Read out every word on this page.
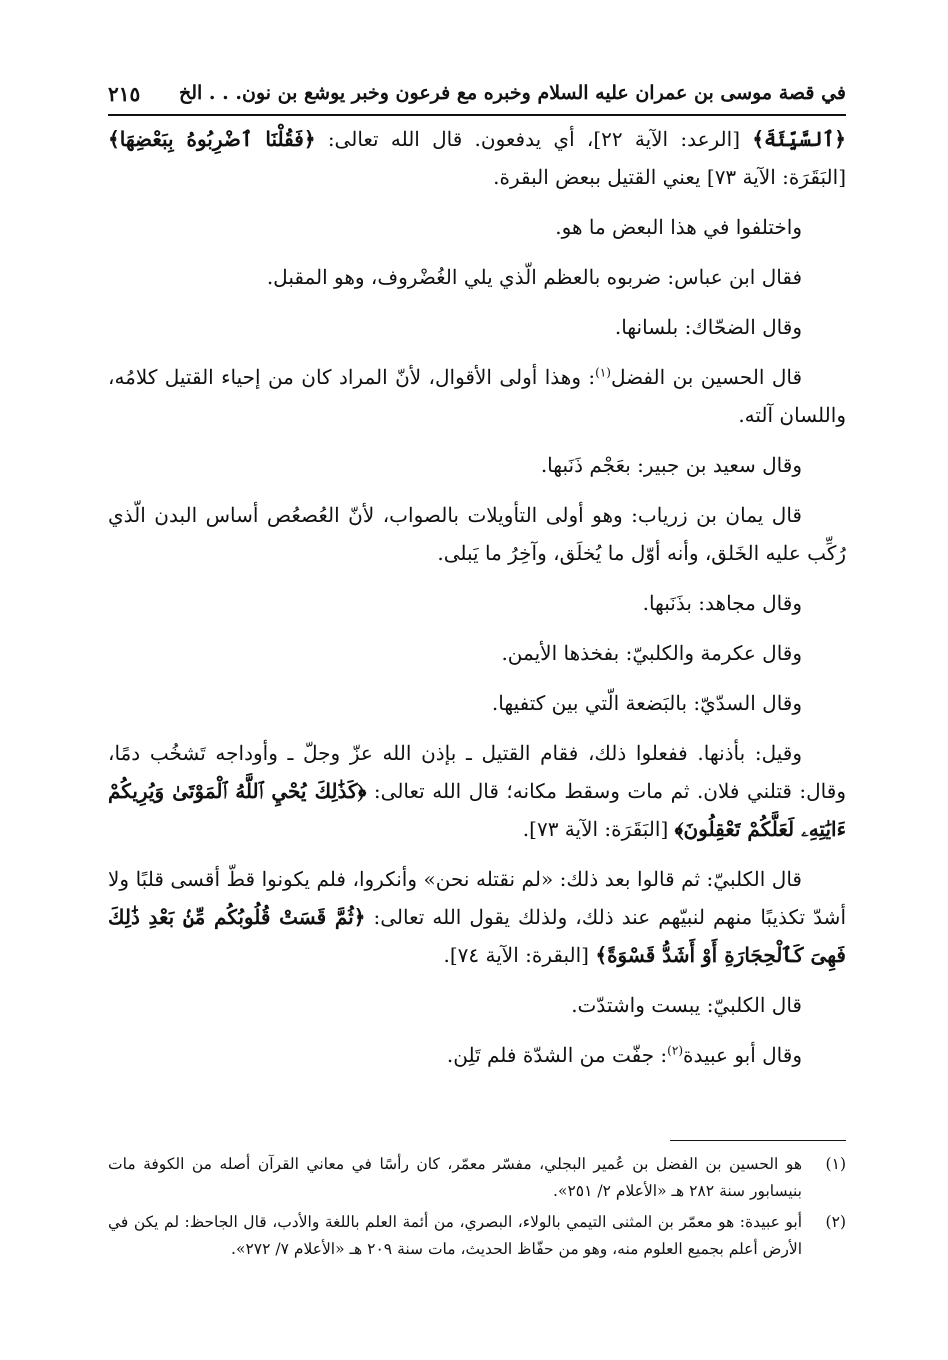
في قصة موسى بن عمران عليه السلام وخبره مع فرعون وخبر يوشع بن نون. . . الخ
٢١٥

﴿ٱلسَّيِّئَةَ﴾ [الرعد: الآية ٢٢]، أي يدفعون. قال الله تعالى: ﴿فَقُلْنَا ٱضْرِبُوهُ بِبَعْضِهَا﴾ [البَقَرَة: الآية ٧٣] يعني القتيل ببعض البقرة.

واختلفوا في هذا البعض ما هو.

فقال ابن عباس: ضربوه بالعظم الّذي يلي الغُضْروف، وهو المقبل.

وقال الضحّاك: بلسانها.

قال الحسين بن الفضل$^{(١)}$: وهذا أولى الأقوال، لأنّ المراد كان من إحياء القتيل كلامُه، واللسان آلته.

وقال سعيد بن جبير: بعَجْم ذَنَبها.

قال يمان بن زرياب: وهو أولى التأويلات بالصواب، لأنّ العُصعُص أساس البدن الّذي رُكِّب عليه الخَلق، وأنه أوّل ما يُخلَق، وآخِرُ ما يَبلى.

وقال مجاهد: بذَنَبها.

وقال عكرمة والكلبيّ: بفخذها الأيمن.

وقال السدّيّ: بالبَضعة الّتي بين كتفيها.

وقيل: بأذنها. ففعلوا ذلك، فقام القتيل ـ بإذن الله عزّ وجلّ ـ وأوداجه تَشخُب دمًا، وقال: قتلني فلان. ثم مات وسقط مكانه؛ قال الله تعالى: ﴿كَذَٰلِكَ يُحْيِ ٱللَّهُ ٱلْمَوْتَىٰ وَيُرِيكُمْ ءَايَٰتِهِۦ لَعَلَّكُمْ تَعْقِلُونَ﴾ [البَقَرَة: الآية ٧٣].

قال الكلبيّ: ثم قالوا بعد ذلك: «لم نقتله نحن» وأنكروا، فلم يكونوا قطّ أقسى قلبًا ولا أشدّ تكذيبًا منهم لنبيّهم عند ذلك، ولذلك يقول الله تعالى: ﴿ثُمَّ قَسَتْ قُلُوبُكُم مِّنۢ بَعْدِ ذَٰلِكَ فَهِىَ كَٱلْحِجَارَةِ أَوْ أَشَدُّ قَسْوَةً﴾ [البقرة: الآية ٧٤].

قال الكلبيّ: يبست واشتدّت.

وقال أبو عبيدة$^{(٢)}$: جفّت من الشدّة فلم تَلِن.

(١)
هو الحسين بن الفضل بن عُمير البجلي، مفسّر معمّر، كان رأسًا في معاني القرآن أصله من الكوفة مات بنيسابور سنة ٢٨٢ هـ «الأعلام ٢/ ٢٥١».
(٢)
أبو عبيدة: هو معمّر بن المثنى التيمي بالولاء، البصري، من أئمة العلم باللغة والأدب، قال الجاحظ: لم يكن في الأرض أعلم بجميع العلوم منه، وهو من حفّاظ الحديث، مات سنة ٢٠٩ هـ «الأعلام ٧/ ٢٧٢».
